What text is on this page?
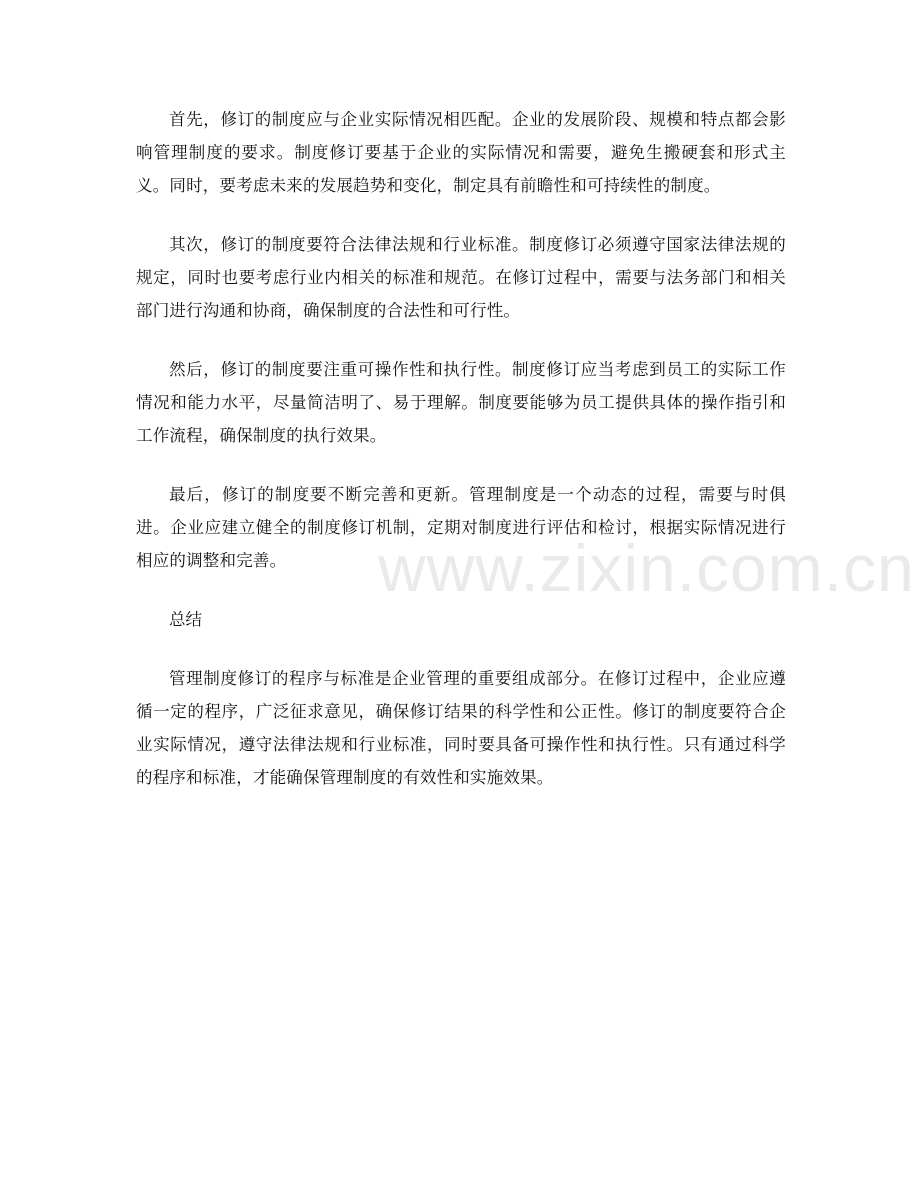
首先，修订的制度应与企业实际情况相匹配。企业的发展阶段、规模和特点都会影响管理制度的要求。制度修订要基于企业的实际情况和需要，避免生搬硬套和形式主义。同时，要考虑未来的发展趋势和变化，制定具有前瞻性和可持续性的制度。

其次，修订的制度要符合法律法规和行业标准。制度修订必须遵守国家法律法规的规定，同时也要考虑行业内相关的标准和规范。在修订过程中，需要与法务部门和相关部门进行沟通和协商，确保制度的合法性和可行性。

然后，修订的制度要注重可操作性和执行性。制度修订应当考虑到员工的实际工作情况和能力水平，尽量简洁明了、易于理解。制度要能够为员工提供具体的操作指引和工作流程，确保制度的执行效果。

最后，修订的制度要不断完善和更新。管理制度是一个动态的过程，需要与时俱进。企业应建立健全的制度修订机制，定期对制度进行评估和检讨，根据实际情况进行相应的调整和完善。

总结

管理制度修订的程序与标准是企业管理的重要组成部分。在修订过程中，企业应遵循一定的程序，广泛征求意见，确保修订结果的科学性和公正性。修订的制度要符合企业实际情况，遵守法律法规和行业标准，同时要具备可操作性和执行性。只有通过科学的程序和标准，才能确保管理制度的有效性和实施效果。

www.zixin.com.cn
